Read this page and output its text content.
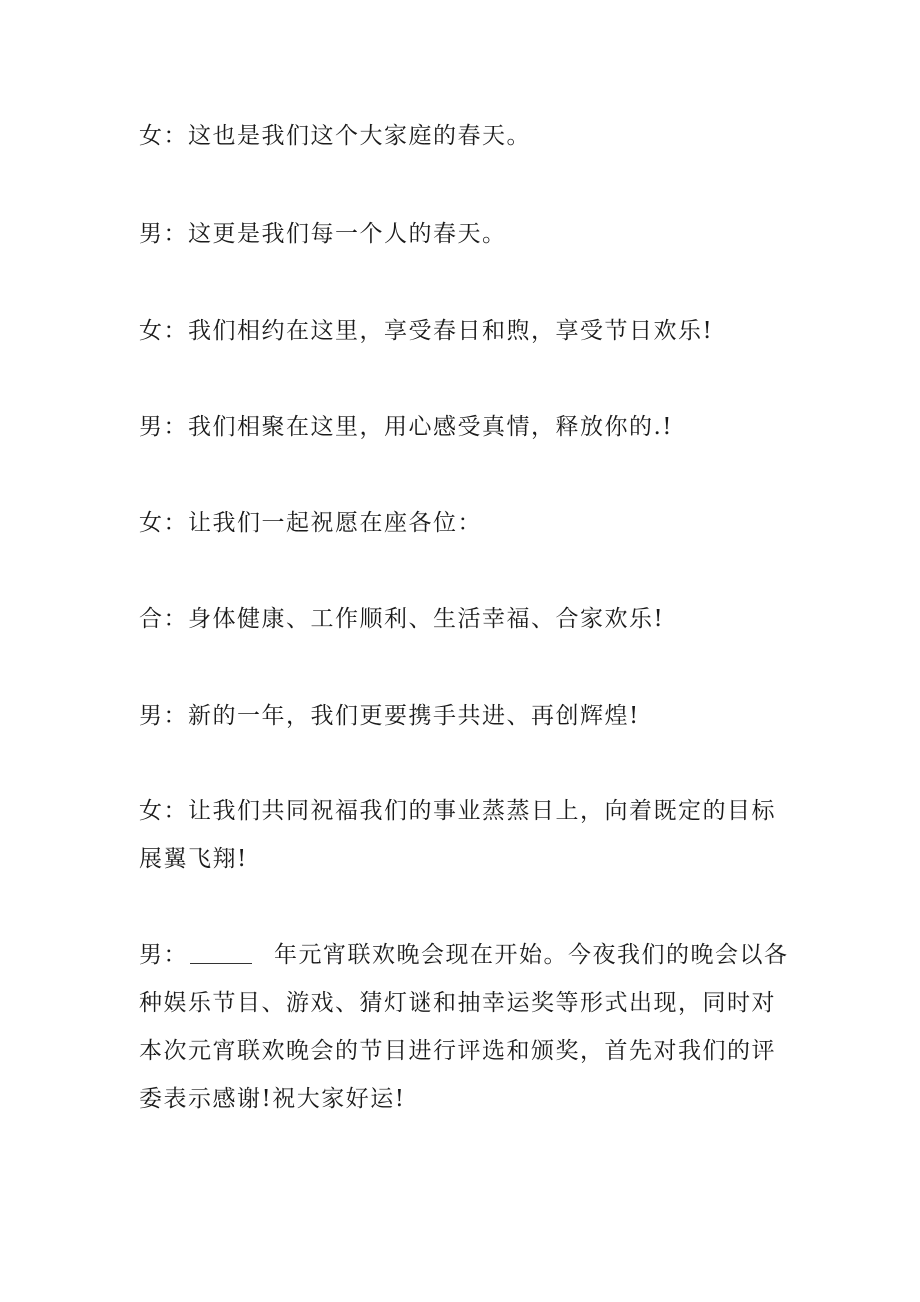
女：这也是我们这个大家庭的春天。

男：这更是我们每一个人的春天。

女：我们相约在这里，享受春日和煦，享受节日欢乐!

男：我们相聚在这里，用心感受真情，释放你的.!

女：让我们一起祝愿在座各位：

合：身体健康、工作顺利、生活幸福、合家欢乐!

男：新的一年，我们更要携手共进、再创辉煌!

女：让我们共同祝福我们的事业蒸蒸日上，向着既定的目标展翼飞翔!

男：	年元宵联欢晚会现在开始。今夜我们的晚会以各种娱乐节目、游戏、猜灯谜和抽幸运奖等形式出现，同时对本次元宵联欢晚会的节目进行评选和颁奖，首先对我们的评委表示感谢!祝大家好运!
